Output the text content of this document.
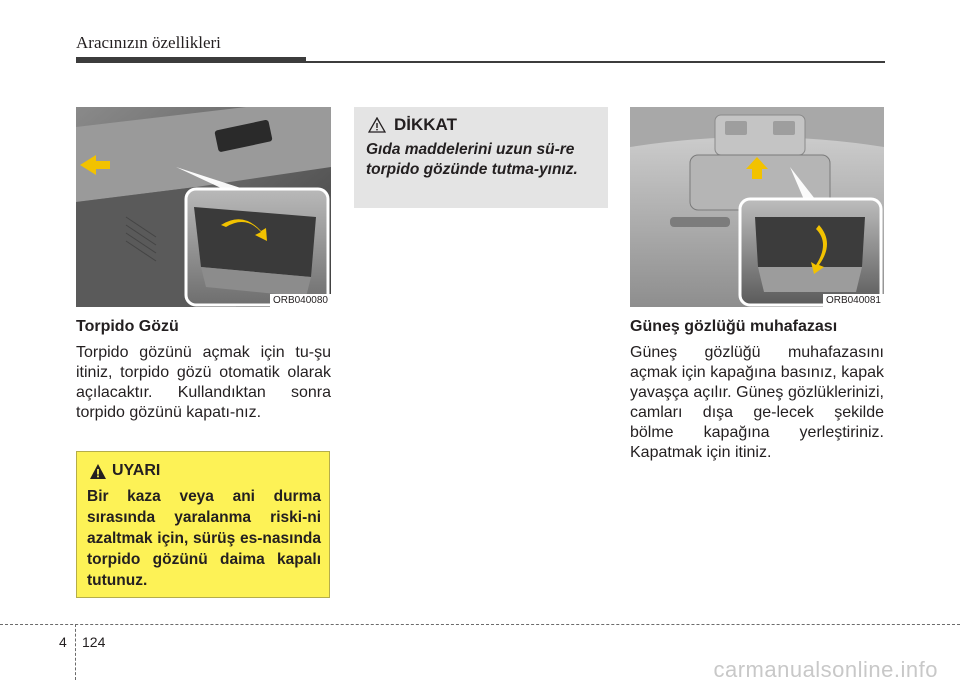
Aracınızın özellikleri
ORB040080
Torpido Gözü
Torpido gözünü açmak için tu-şu itiniz, torpido gözü otomatik olarak açılacaktır. Kullandıktan sonra torpido gözünü kapatı-nız.
UYARI
Bir kaza veya ani durma sırasında yaralanma riski-ni azaltmak için, sürüş es-nasında torpido gözünü daima kapalı tutunuz.
DİKKAT
Gıda maddelerini uzun sü-re torpido gözünde tutma-yınız.
ORB040081
Güneş gözlüğü muhafazası
Güneş gözlüğü muhafazasını açmak için kapağına basınız, kapak yavaşça açılır. Güneş gözlüklerinizi, camları dışa ge-lecek şekilde bölme kapağına yerleştiriniz. Kapatmak için itiniz.
4 124
carmanualsonline.info
